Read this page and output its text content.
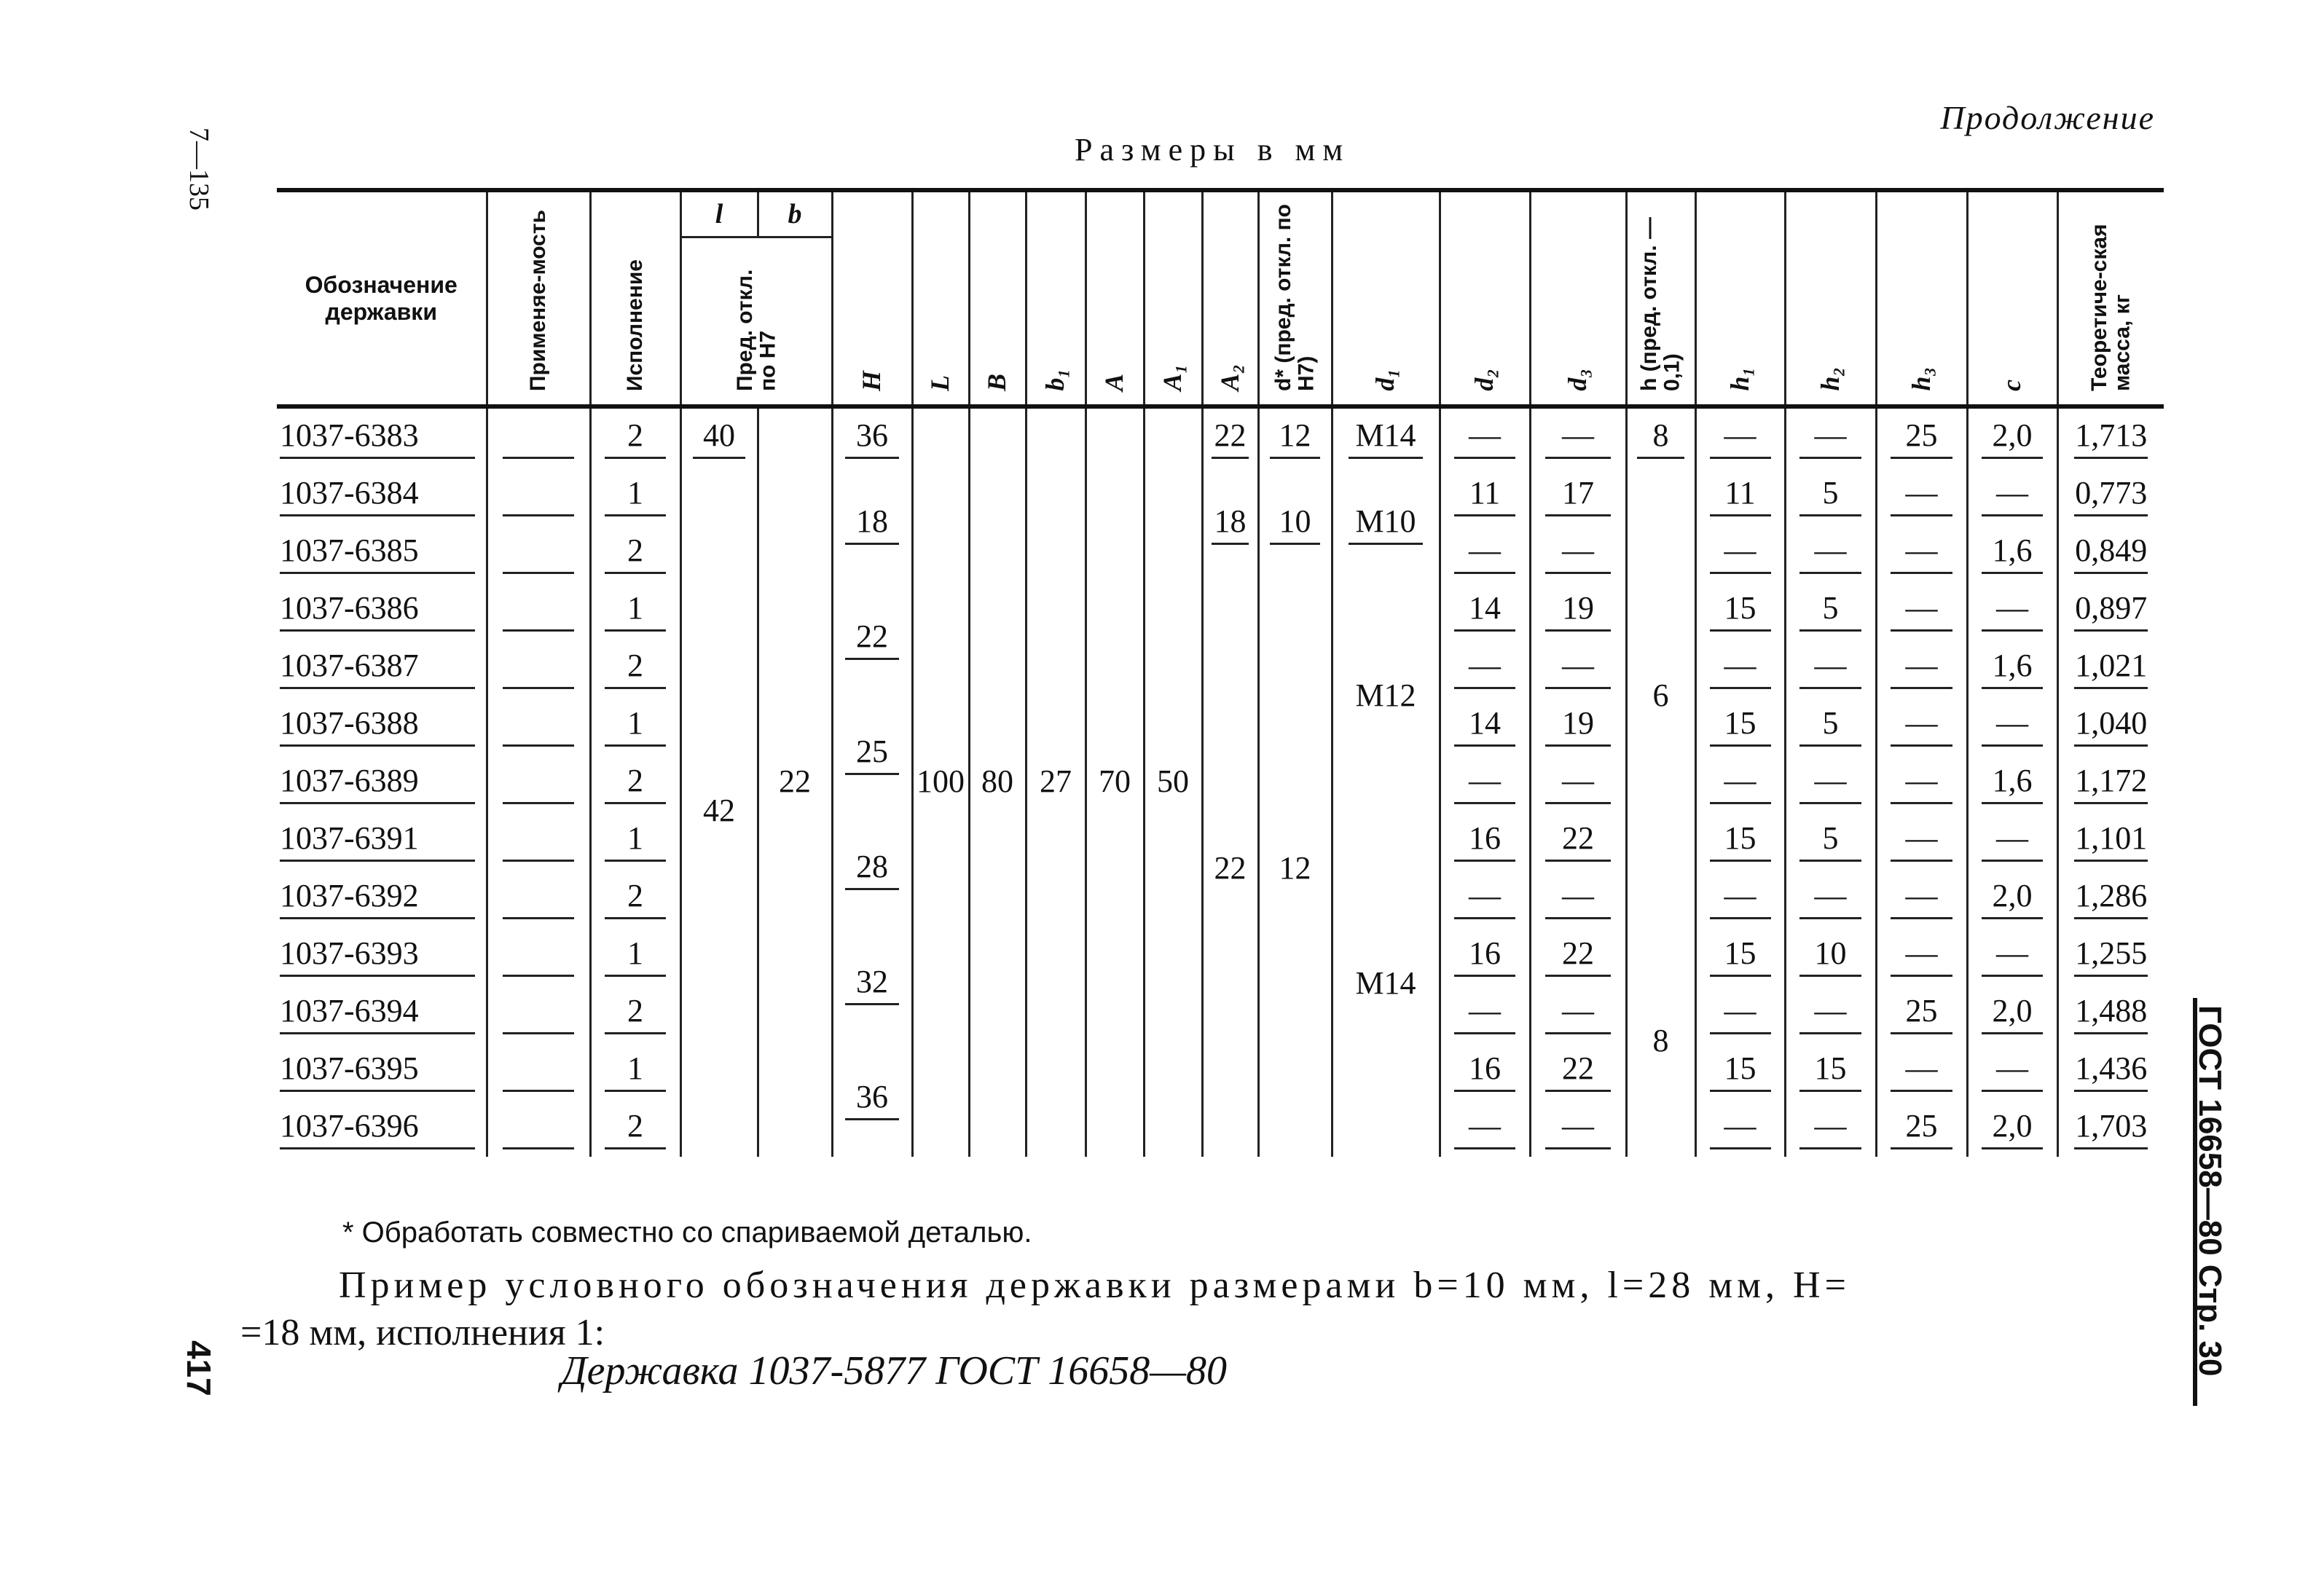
Продолжение
Размеры в мм
7—135
417	ГОСТ 16658—80 Стр. 30
Обозначение державки	Применяе-мость	Исполнение	l	b	H	L	B	b₁	A	A₁	A₂	d* (пред. откл. по Н7)	d₁	d₂	d₃	h (пред. откл. —0,1)	h₁	h₂	h₃	c	Теоретиче-ская масса, кг
			Пред. откл. по Н7																		
1037-6383		2	40	22	36	100	80	27	70	50	22	12	M14	—	—	8	—	—	25	2,0	1,713
1037-6384		1	42		18						18	10	M10	11	17	6	11	5	—	—	0,773
1037-6385		2												—	—		—	—	—	1,6	0,849
1037-6386		1			22						22	12	M12	14	19		15	5	—	—	0,897
1037-6387		2												—	—		—	—	—	1,6	1,021
1037-6388		1			25									14	19		15	5	—	—	1,040
1037-6389		2												—	—		—	—	—	1,6	1,172
1037-6391		1			28								M14	16	22		15	5	—	—	1,101
1037-6392		2												—	—		—	—	—	2,0	1,286
1037-6393		1			32									16	22	8	15	10	—	—	1,255
1037-6394		2												—	—		—	—	25	2,0	1,488
1037-6395		1			36									16	22		15	15	—	—	1,436
1037-6396		2												—	—		—	—	25	2,0	1,703
* Обработать совместно со спариваемой деталью.
Пример условного обозначения державки размерами b=10 мм, l=28 мм, H=
=18 мм, исполнения 1:
Державка 1037-5877 ГОСТ 16658—80
